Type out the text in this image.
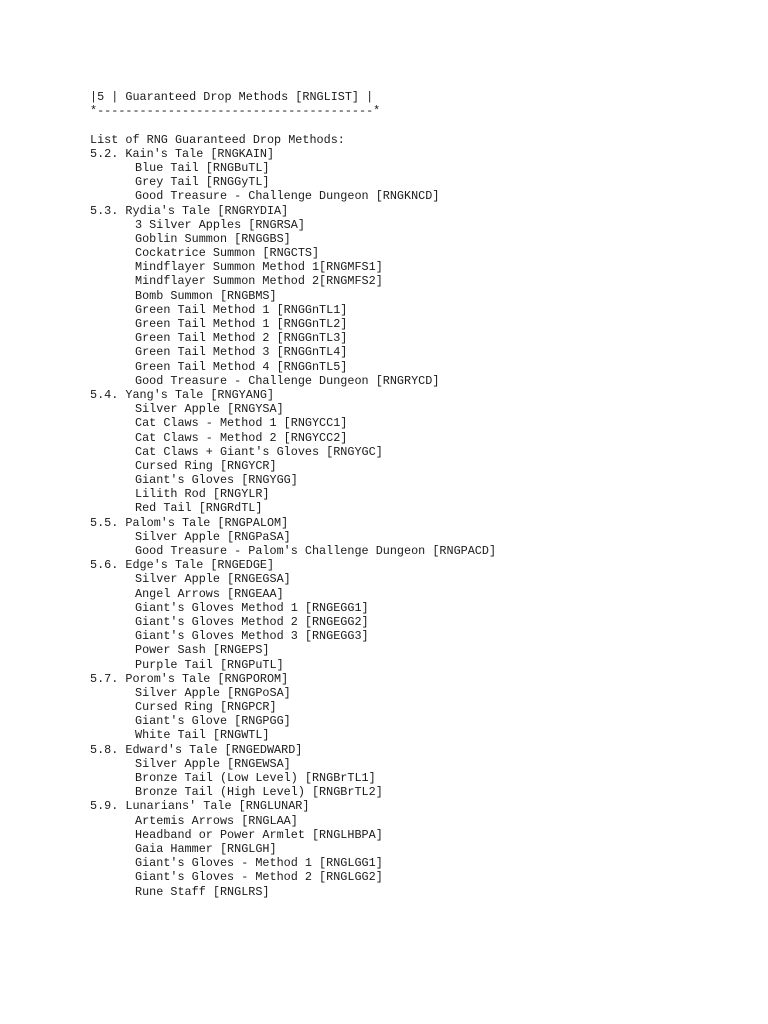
|5 | Guaranteed Drop Methods [RNGLIST] |
*---------------------------------------*
List of RNG Guaranteed Drop Methods:
5.2. Kain's Tale [RNGKAIN]
Blue Tail [RNGBuTL]
Grey Tail [RNGGyTL]
Good Treasure - Challenge Dungeon [RNGKNCD]
5.3. Rydia's Tale [RNGRYDIA]
3 Silver Apples [RNGRSA]
Goblin Summon [RNGGBS]
Cockatrice Summon [RNGCTS]
Mindflayer Summon Method 1[RNGMFS1]
Mindflayer Summon Method 2[RNGMFS2]
Bomb Summon [RNGBMS]
Green Tail Method 1 [RNGGnTL1]
Green Tail Method 1 [RNGGnTL2]
Green Tail Method 2 [RNGGnTL3]
Green Tail Method 3 [RNGGnTL4]
Green Tail Method 4 [RNGGnTL5]
Good Treasure - Challenge Dungeon [RNGRYCD]
5.4. Yang's Tale [RNGYANG]
Silver Apple [RNGYSA]
Cat Claws - Method 1 [RNGYCC1]
Cat Claws - Method 2 [RNGYCC2]
Cat Claws + Giant's Gloves [RNGYGC]
Cursed Ring [RNGYCR]
Giant's Gloves [RNGYGG]
Lilith Rod [RNGYLR]
Red Tail [RNGRdTL]
5.5. Palom's Tale [RNGPALOM]
Silver Apple [RNGPaSA]
Good Treasure - Palom's Challenge Dungeon [RNGPACD]
5.6. Edge's Tale [RNGEDGE]
Silver Apple [RNGEGSA]
Angel Arrows [RNGEAA]
Giant's Gloves Method 1 [RNGEGG1]
Giant's Gloves Method 2 [RNGEGG2]
Giant's Gloves Method 3 [RNGEGG3]
Power Sash [RNGEPS]
Purple Tail [RNGPuTL]
5.7. Porom's Tale [RNGPOROM]
Silver Apple [RNGPoSA]
Cursed Ring [RNGPCR]
Giant's Glove [RNGPGG]
White Tail [RNGWTL]
5.8. Edward's Tale [RNGEDWARD]
Silver Apple [RNGEWSA]
Bronze Tail (Low Level) [RNGBrTL1]
Bronze Tail (High Level) [RNGBrTL2]
5.9. Lunarians' Tale [RNGLUNAR]
Artemis Arrows [RNGLAA]
Headband or Power Armlet [RNGLHBPA]
Gaia Hammer [RNGLGH]
Giant's Gloves - Method 1 [RNGLGG1]
Giant's Gloves - Method 2 [RNGLGG2]
Rune Staff [RNGLRS]
